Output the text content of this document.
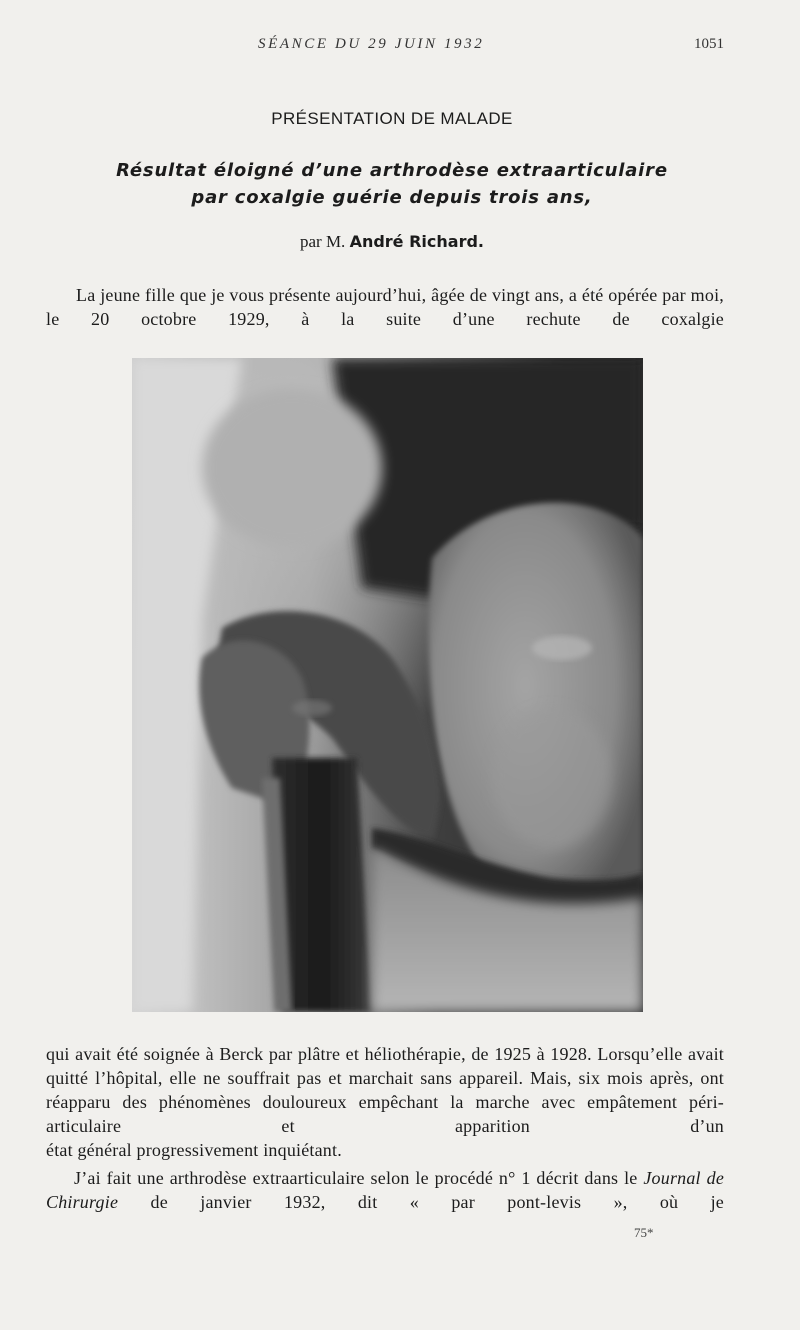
SÉANCE DU 29 JUIN 1932	1051
PRÉSENTATION DE MALADE
Résultat éloigné d’une arthrodèse extraarticulaire
par coxalgie guérie depuis trois ans,
par M. André Richard.
La jeune fille que je vous présente aujourd’hui, âgée de vingt ans, a été opérée par moi, le 20 octobre 1929, à la suite d’une rechute de coxalgie
qui avait été soignée à Berck par plâtre et héliothérapie, de 1925 à 1928. Lorsqu’elle avait quitté l’hôpital, elle ne souffrait pas et marchait sans appareil. Mais, six mois après, ont réapparu des phénomènes douloureux empêchant la marche avec empâtement péri-articulaire et apparition d’un
état général progressivement inquiétant.
J’ai fait une arthrodèse extraarticulaire selon le procédé n° 1 décrit dans le Journal de Chirurgie de janvier 1932, dit « par pont-levis », où je
75*
